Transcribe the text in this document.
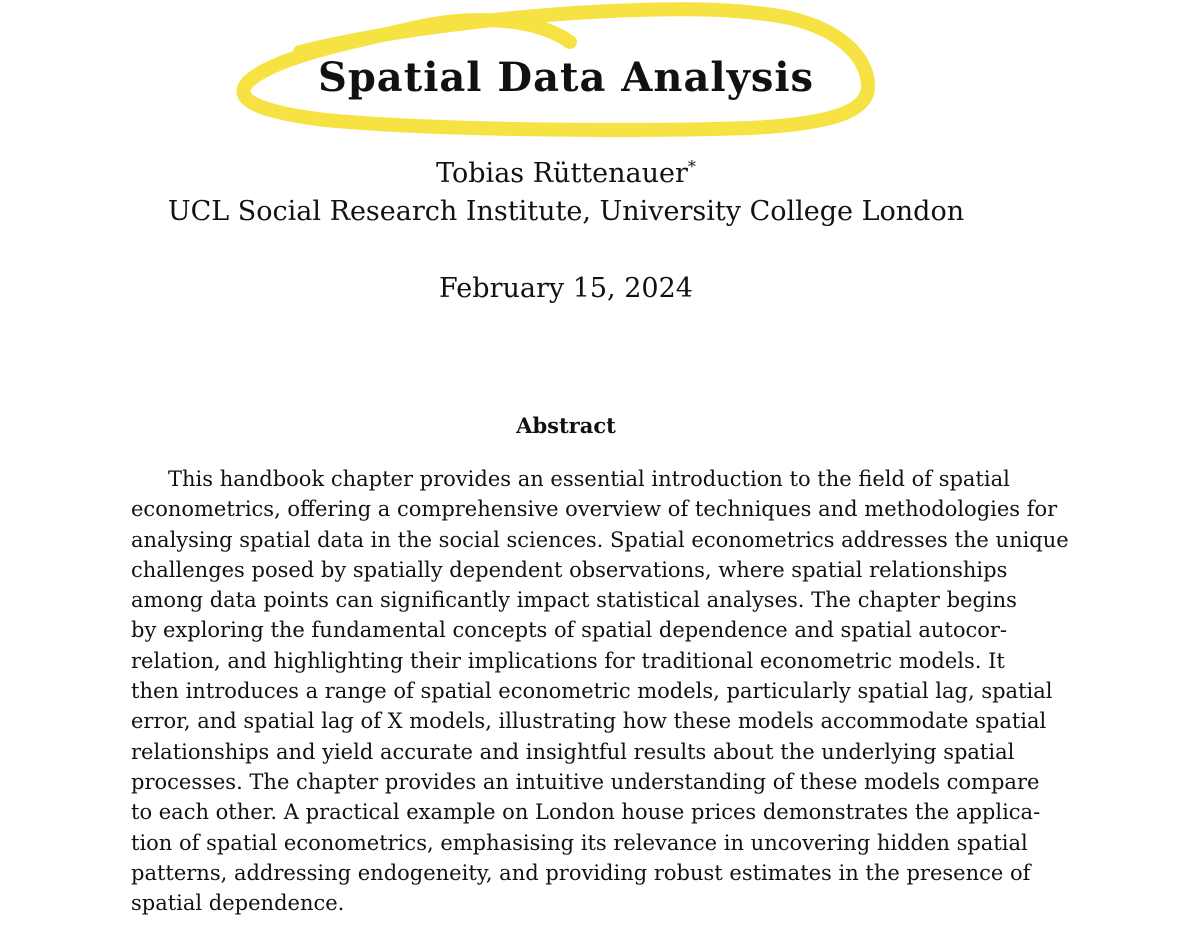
Spatial Data Analysis

Tobias Rüttenauer*

UCL Social Research Institute, University College London

February 15, 2024

Abstract
This handbook chapter provides an essential introduction to the field of spatial
econometrics, offering a comprehensive overview of techniques and methodologies for
analysing spatial data in the social sciences. Spatial econometrics addresses the unique
challenges posed by spatially dependent observations, where spatial relationships
among data points can significantly impact statistical analyses. The chapter begins
by exploring the fundamental concepts of spatial dependence and spatial autocor-
relation, and highlighting their implications for traditional econometric models. It
then introduces a range of spatial econometric models, particularly spatial lag, spatial
error, and spatial lag of X models, illustrating how these models accommodate spatial
relationships and yield accurate and insightful results about the underlying spatial
processes. The chapter provides an intuitive understanding of these models compare
to each other. A practical example on London house prices demonstrates the applica-
tion of spatial econometrics, emphasising its relevance in uncovering hidden spatial
patterns, addressing endogeneity, and providing robust estimates in the presence of
spatial dependence.
